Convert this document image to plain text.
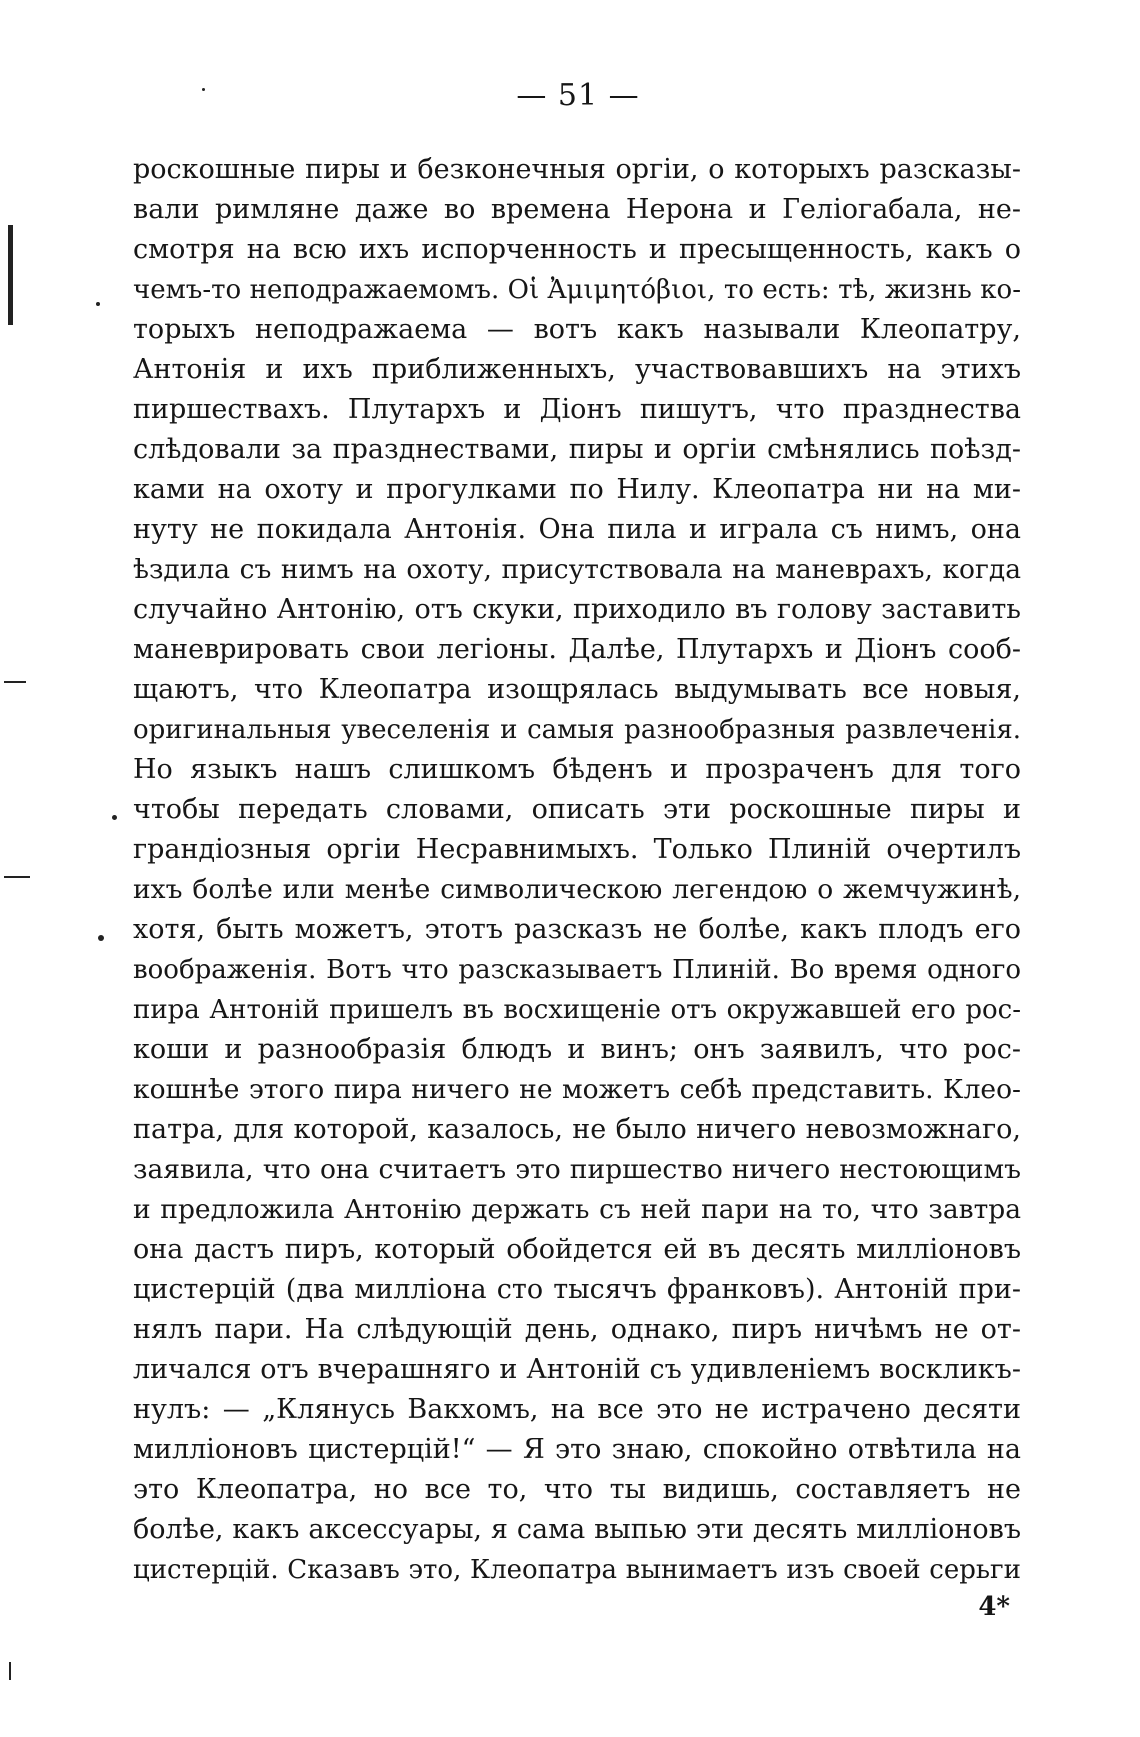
— 51 —
роскошные пиры и безконечныя оргіи, о которыхъ разсказы-
вали римляне даже во времена Нерона и Геліогабала, не-
смотря на всю ихъ испорченность и пресыщенность, какъ о
чемъ-то неподражаемомъ. Οἱ Ἀμιμητόβιοι, то есть: тѣ, жизнь ко-
торыхъ неподражаема — вотъ какъ называли Клеопатру,
Антонія и ихъ приближенныхъ, участвовавшихъ на этихъ
пиршествахъ. Плутархъ и Діонъ пишутъ, что празднества
слѣдовали за празднествами, пиры и оргіи смѣнялись поѣзд-
ками на охоту и прогулками по Нилу. Клеопатра ни на ми-
нуту не покидала Антонія. Она пила и играла съ нимъ, она
ѣздила съ нимъ на охоту, присутствовала на маневрахъ, когда
случайно Антонію, отъ скуки, приходило въ голову заставить
маневрировать свои легіоны. Далѣе, Плутархъ и Діонъ сооб-
щаютъ, что Клеопатра изощрялась выдумывать все новыя,
оригинальныя увеселенія и самыя разнообразныя развлеченія.
Но языкъ нашъ слишкомъ бѣденъ и прозраченъ для того
чтобы передать словами, описать эти роскошные пиры и
грандіозныя оргіи Несравнимыхъ. Только Плиній очертилъ
ихъ болѣе или менѣе символическою легендою о жемчужинѣ,
хотя, быть можетъ, этотъ разсказъ не болѣе, какъ плодъ его
воображенія. Вотъ что разсказываетъ Плиній. Во время одного
пира Антоній пришелъ въ восхищеніе отъ окружавшей его рос-
коши и разнообразія блюдъ и винъ; онъ заявилъ, что рос-
кошнѣе этого пира ничего не можетъ себѣ представить. Клео-
патра, для которой, казалось, не было ничего невозможнаго,
заявила, что она считаетъ это пиршество ничего нестоющимъ
и предложила Антонію держать съ ней пари на то, что завтра
она дастъ пиръ, который обойдется ей въ десять милліоновъ
цистерцій (два милліона сто тысячъ франковъ). Антоній при-
нялъ пари. На слѣдующій день, однако, пиръ ничѣмъ не от-
личался отъ вчерашняго и Антоній съ удивленіемъ воскликъ-
нулъ: — „Клянусь Вакхомъ, на все это не истрачено десяти
милліоновъ цистерцій!“ — Я это знаю, спокойно отвѣтила на
это Клеопатра, но все то, что ты видишь, составляетъ не
болѣе, какъ аксессуары, я сама выпью эти десять милліоновъ
цистерцій. Сказавъ это, Клеопатра вынимаетъ изъ своей серьги
4*
